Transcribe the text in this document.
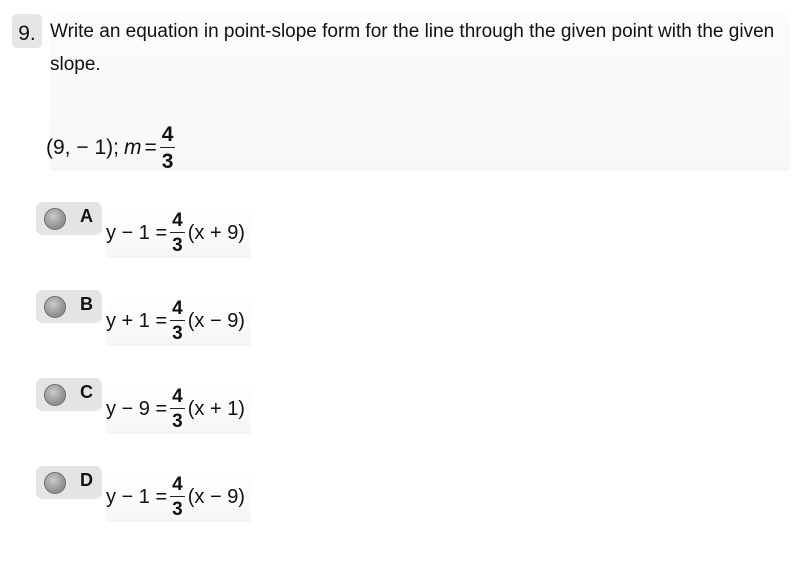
9. Write an equation in point-slope form for the line through the given point with the given slope.
(9, − 1); $m = \frac{4}{3}$
A
$y - 1 = \frac{4}{3} (x + 9)$
B
$y + 1 = \frac{4}{3} (x - 9)$
C
$y - 9 = \frac{4}{3} (x + 1)$
D
$y - 1 = \frac{4}{3} (x - 9)$
